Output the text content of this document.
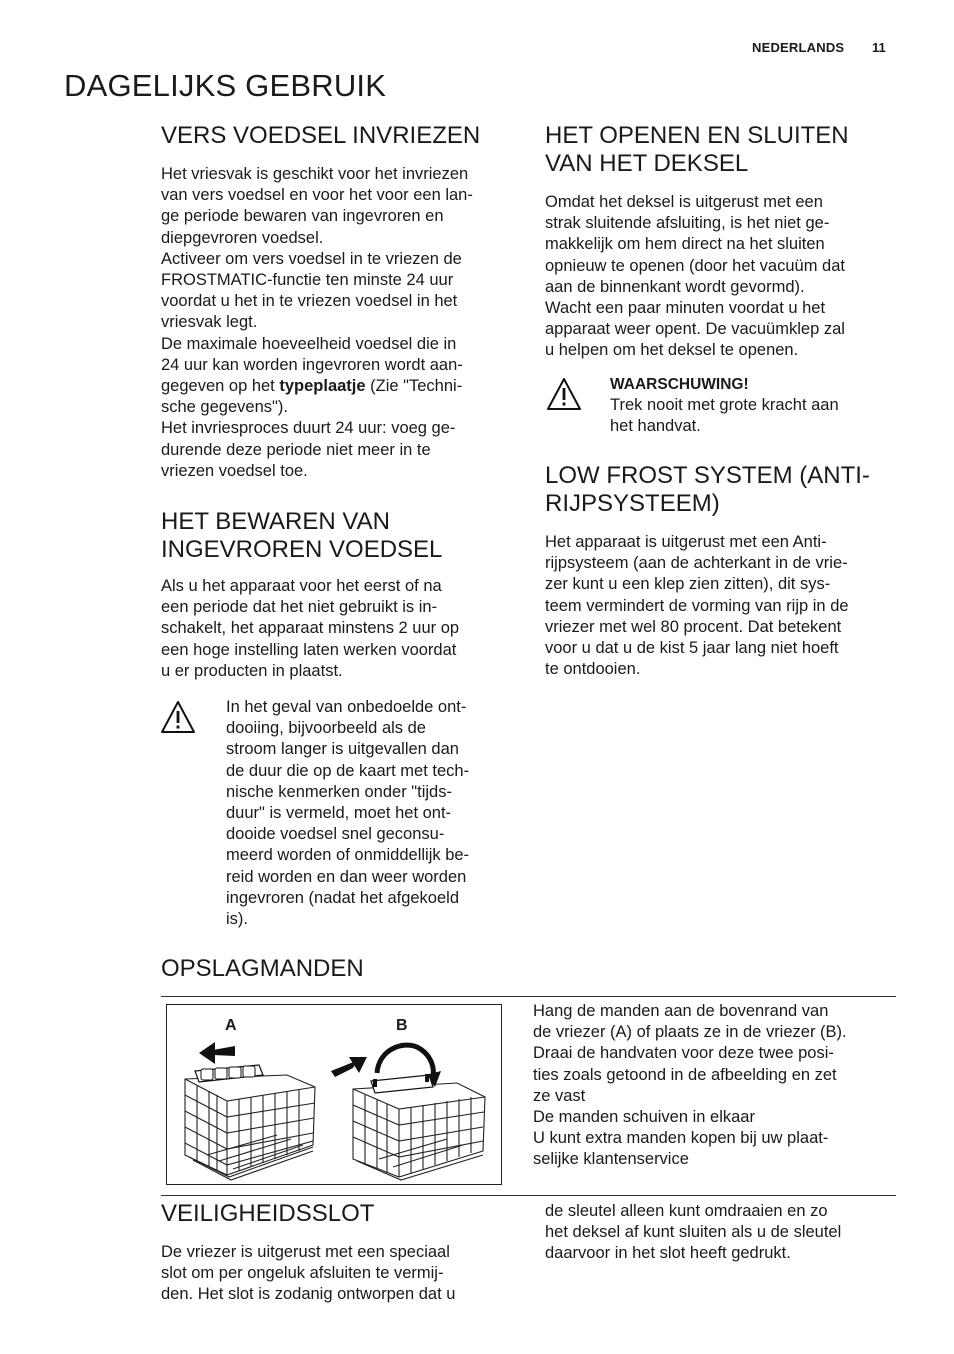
NEDERLANDS 11
DAGELIJKS GEBRUIK
VERS VOEDSEL INVRIEZEN
Het vriesvak is geschikt voor het invriezen
van vers voedsel en voor het voor een lan-
ge periode bewaren van ingevroren en
diepgevroren voedsel.
Activeer om vers voedsel in te vriezen de
FROSTMATIC-functie ten minste 24 uur
voordat u het in te vriezen voedsel in het
vriesvak legt.
De maximale hoeveelheid voedsel die in
24 uur kan worden ingevroren wordt aan-
gegeven op het typeplaatje (Zie "Techni-
sche gegevens").
Het invriesproces duurt 24 uur: voeg ge-
durende deze periode niet meer in te
vriezen voedsel toe.
HET BEWAREN VAN
INGEVROREN VOEDSEL
Als u het apparaat voor het eerst of na
een periode dat het niet gebruikt is in-
schakelt, het apparaat minstens 2 uur op
een hoge instelling laten werken voordat
u er producten in plaatst.
In het geval van onbedoelde ont-
dooiing, bijvoorbeeld als de
stroom langer is uitgevallen dan
de duur die op de kaart met tech-
nische kenmerken onder "tijds-
duur" is vermeld, moet het ont-
dooide voedsel snel geconsu-
meerd worden of onmiddellijk be-
reid worden en dan weer worden
ingevroren (nadat het afgekoeld
is).
HET OPENEN EN SLUITEN
VAN HET DEKSEL
Omdat het deksel is uitgerust met een
strak sluitende afsluiting, is het niet ge-
makkelijk om hem direct na het sluiten
opnieuw te openen (door het vacuüm dat
aan de binnenkant wordt gevormd).
Wacht een paar minuten voordat u het
apparaat weer opent. De vacuümklep zal
u helpen om het deksel te openen.
WAARSCHUWING!
Trek nooit met grote kracht aan
het handvat.
LOW FROST SYSTEM (ANTI-
RIJPSYSTEEM)
Het apparaat is uitgerust met een Anti-
rijpsysteem (aan de achterkant in de vrie-
zer kunt u een klep zien zitten), dit sys-
teem vermindert de vorming van rijp in de
vriezer met wel 80 procent. Dat betekent
voor u dat u de kist 5 jaar lang niet hoeft
te ontdooien.
OPSLAGMANDEN
A	B
Hang de manden aan de bovenrand van
de vriezer (A) of plaats ze in de vriezer (B).
Draai de handvaten voor deze twee posi-
ties zoals getoond in de afbeelding en zet
ze vast
De manden schuiven in elkaar
U kunt extra manden kopen bij uw plaat-
selijke klantenservice
VEILIGHEIDSSLOT
De vriezer is uitgerust met een speciaal
slot om per ongeluk afsluiten te vermij-
den. Het slot is zodanig ontworpen dat u
de sleutel alleen kunt omdraaien en zo
het deksel af kunt sluiten als u de sleutel
daarvoor in het slot heeft gedrukt.
